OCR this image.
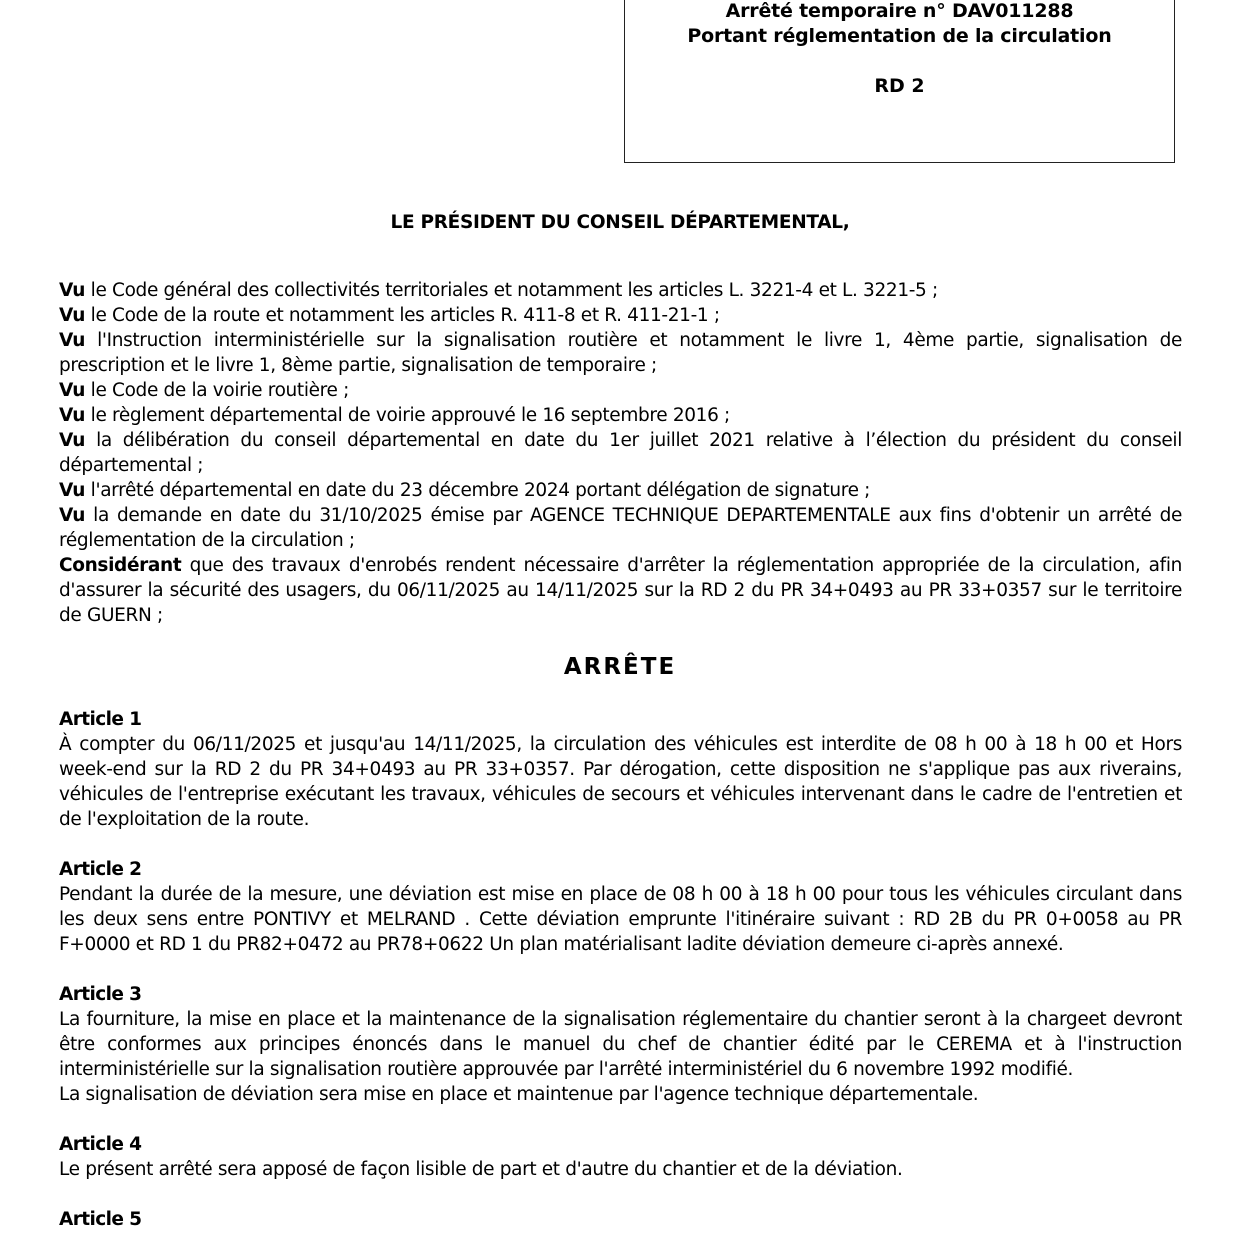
Arrêté temporaire n° DAV011288
Portant réglementation de la circulation
RD 2
LE PRÉSIDENT DU CONSEIL DÉPARTEMENTAL,

Vu le Code général des collectivités territoriales et notamment les articles L. 3221-4 et L. 3221-5 ;

Vu le Code de la route et notamment les articles R. 411-8 et R. 411-21-1 ;

Vu l'Instruction interministérielle sur la signalisation routière et notamment le livre 1, 4ème partie, signalisation de prescription et le livre 1, 8ème partie, signalisation de temporaire ;

Vu le Code de la voirie routière ;

Vu le règlement départemental de voirie approuvé le 16 septembre 2016 ;

Vu la délibération du conseil départemental en date du 1er juillet 2021 relative à l’élection du président du conseil départemental ;

Vu l'arrêté départemental en date du 23 décembre 2024 portant délégation de signature ;

Vu la demande en date du 31/10/2025 émise par AGENCE TECHNIQUE DEPARTEMENTALE aux fins d'obtenir un arrêté de réglementation de la circulation ;

Considérant que des travaux d'enrobés rendent nécessaire d'arrêter la réglementation appropriée de la circulation, afin d'assurer la sécurité des usagers, du 06/11/2025 au 14/11/2025 sur la RD 2 du PR 34+0493 au PR 33+0357 sur le territoire de GUERN ;

ARRÊTE

Article 1

À compter du 06/11/2025 et jusqu'au 14/11/2025, la circulation des véhicules est interdite de 08 h 00 à 18 h 00 et Hors week-end sur la RD 2 du PR 34+0493 au PR 33+0357. Par dérogation, cette disposition ne s'applique pas aux riverains, véhicules de l'entreprise exécutant les travaux, véhicules de secours et véhicules intervenant dans le cadre de l'entretien et de l'exploitation de la route.

Article 2

Pendant la durée de la mesure, une déviation est mise en place de 08 h 00 à 18 h 00 pour tous les véhicules circulant dans les deux sens entre PONTIVY et MELRAND . Cette déviation emprunte l'itinéraire suivant : RD 2B du PR 0+0058 au PR F+0000 et RD 1 du PR82+0472 au PR78+0622 Un plan matérialisant ladite déviation demeure ci-après annexé.

Article 3

La fourniture, la mise en place et la maintenance de la signalisation réglementaire du chantier seront à la chargeet devront être conformes aux principes énoncés dans le manuel du chef de chantier édité par le CEREMA et à l'instruction interministérielle sur la signalisation routière approuvée par l'arrêté interministériel du 6 novembre 1992 modifié.

La signalisation de déviation sera mise en place et maintenue par l'agence technique départementale.

Article 4

Le présent arrêté sera apposé de façon lisible de part et d'autre du chantier et de la déviation.

Article 5
